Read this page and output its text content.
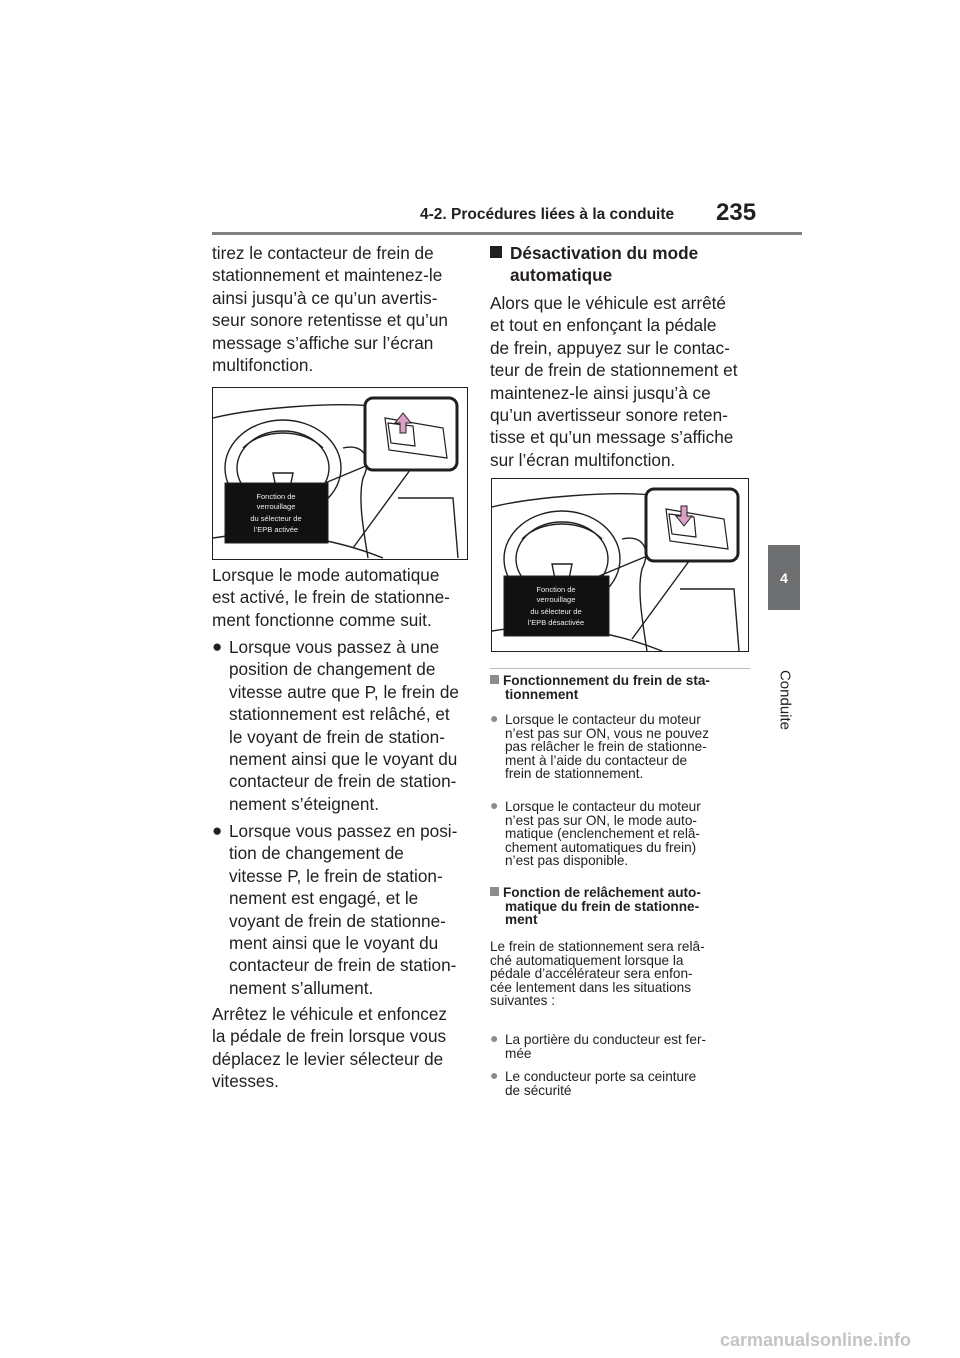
4-2. Procédures liées à la conduite 235
4
Conduite
tirez le contacteur de frein de
stationnement et maintenez-le
ainsi jusqu’à ce qu’un avertis-
seur sonore retentisse et qu’un
message s’affiche sur l’écran
multifonction.
Fonction de
verrouillage
du sélecteur de
l’EPB activée
Lorsque le mode automatique
est activé, le frein de stationne-
ment fonctionne comme suit.
● Lorsque vous passez à une
position de changement de
vitesse autre que P, le frein de
stationnement est relâché, et
le voyant de frein de station-
nement ainsi que le voyant du
contacteur de frein de station-
nement s’éteignent.
● Lorsque vous passez en posi-
tion de changement de
vitesse P, le frein de station-
nement est engagé, et le
voyant de frein de stationne-
ment ainsi que le voyant du
contacteur de frein de station-
nement s’allument.
Arrêtez le véhicule et enfoncez
la pédale de frein lorsque vous
déplacez le levier sélecteur de
vitesses.
Désactivation du mode
automatique
Alors que le véhicule est arrêté
et tout en enfonçant la pédale
de frein, appuyez sur le contac-
teur de frein de stationnement et
maintenez-le ainsi jusqu’à ce
qu’un avertisseur sonore reten-
tisse et qu’un message s’affiche
sur l’écran multifonction.
Fonction de
verrouillage
du sélecteur de
l’EPB désactivée
Fonctionnement du frein de sta-
tionnement
● Lorsque le contacteur du moteur
n’est pas sur ON, vous ne pouvez
pas relâcher le frein de stationne-
ment à l’aide du contacteur de
frein de stationnement.
● Lorsque le contacteur du moteur
n’est pas sur ON, le mode auto-
matique (enclenchement et relâ-
chement automatiques du frein)
n’est pas disponible.
Fonction de relâchement auto-
matique du frein de stationne-
ment
Le frein de stationnement sera relâ-
ché automatiquement lorsque la
pédale d’accélérateur sera enfon-
cée lentement dans les situations
suivantes :
● La portière du conducteur est fer-
mée
● Le conducteur porte sa ceinture
de sécurité
carmanualsonline.info
